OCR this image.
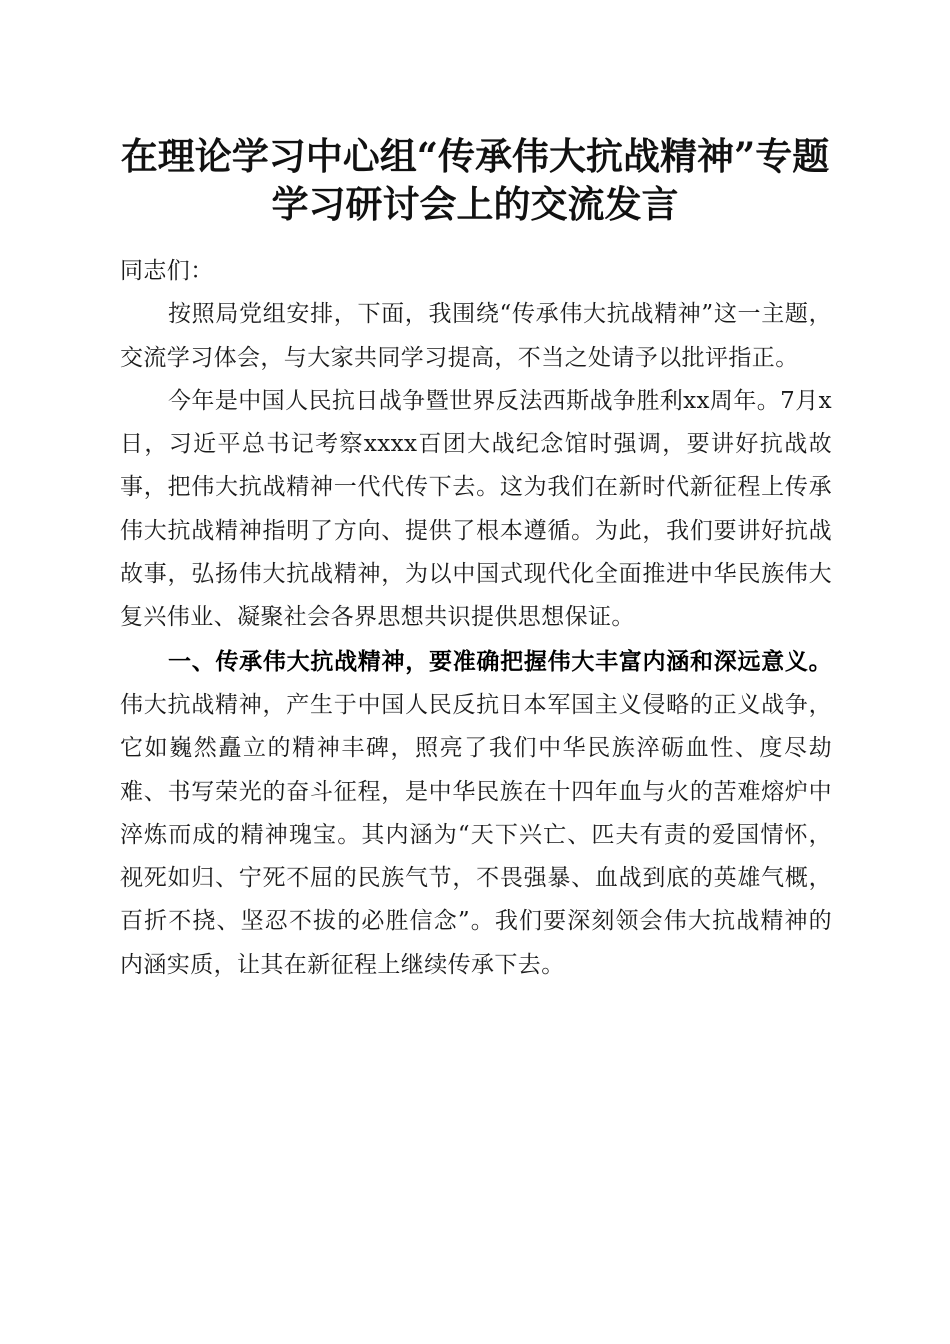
在理论学习中心组“传承伟大抗战精神”专题
学习研讨会上的交流发言

同志们：

按照局党组安排，下面，我围绕“传承伟大抗战精神”这一主题，交流学习体会，与大家共同学习提高，不当之处请予以批评指正。

今年是中国人民抗日战争暨世界反法西斯战争胜利xx周年。7月x日，习近平总书记考察xxxx百团大战纪念馆时强调，要讲好抗战故事，把伟大抗战精神一代代传下去。这为我们在新时代新征程上传承伟大抗战精神指明了方向、提供了根本遵循。为此，我们要讲好抗战故事，弘扬伟大抗战精神，为以中国式现代化全面推进中华民族伟大复兴伟业、凝聚社会各界思想共识提供思想保证。

一、传承伟大抗战精神，要准确把握伟大丰富内涵和深远意义。伟大抗战精神，产生于中国人民反抗日本军国主义侵略的正义战争，它如巍然矗立的精神丰碑，照亮了我们中华民族淬砺血性、度尽劫难、书写荣光的奋斗征程，是中华民族在十四年血与火的苦难熔炉中淬炼而成的精神瑰宝。其内涵为“天下兴亡、匹夫有责的爱国情怀，视死如归、宁死不屈的民族气节，不畏强暴、血战到底的英雄气概，百折不挠、坚忍不拔的必胜信念”。我们要深刻领会伟大抗战精神的内涵实质，让其在新征程上继续传承下去。
